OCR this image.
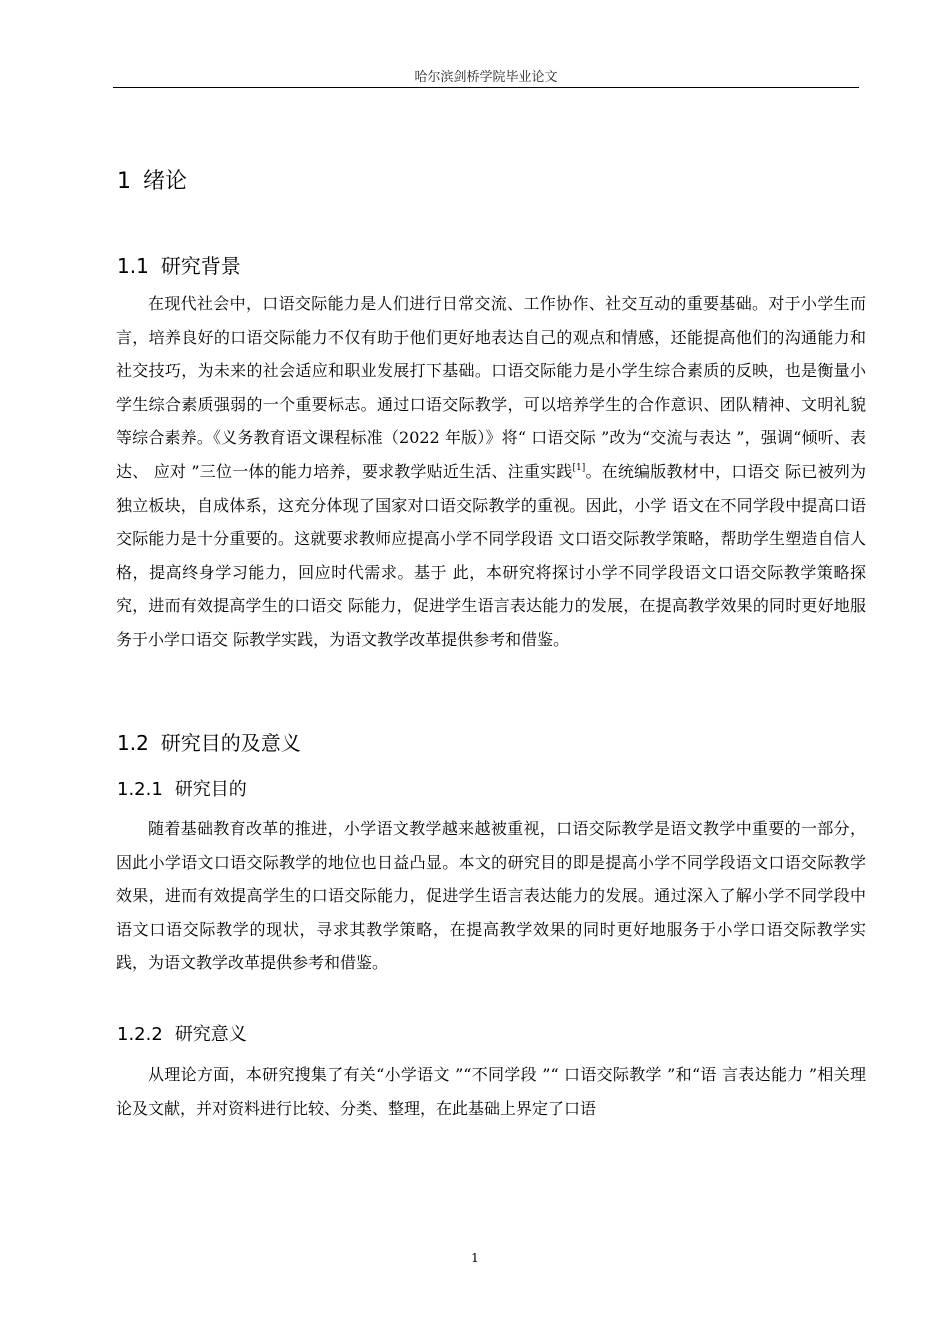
哈尔滨剑桥学院毕业论文
1 绪论
1.1 研究背景

在现代社会中，口语交际能力是人们进行日常交流、工作协作、社交互动的重要基础。对于小学生而言，培养良好的口语交际能力不仅有助于他们更好地表达自己的观点和情感，还能提高他们的沟通能力和社交技巧，为未来的社会适应和职业发展打下基础。口语交际能力是小学生综合素质的反映，也是衡量小学生综合素质强弱的一个重要标志。通过口语交际教学，可以培养学生的合作意识、团队精神、文明礼貌等综合素养。《义务教育语文课程标准（2022 年版）》将“ 口语交际 ”改为“交流与表达 ”，强调“倾听、表达、 应对 ”三位一体的能力培养，要求教学贴近生活、注重实践[1]。在统编版教材中，口语交 际已被列为独立板块，自成体系，这充分体现了国家对口语交际教学的重视。因此，小学 语文在不同学段中提高口语交际能力是十分重要的。这就要求教师应提高小学不同学段语 文口语交际教学策略，帮助学生塑造自信人格，提高终身学习能力，回应时代需求。基于 此，本研究将探讨小学不同学段语文口语交际教学策略探究，进而有效提高学生的口语交 际能力，促进学生语言表达能力的发展，在提高教学效果的同时更好地服务于小学口语交 际教学实践，为语文教学改革提供参考和借鉴。

1.2 研究目的及意义
1.2.1 研究目的

随着基础教育改革的推进，小学语文教学越来越被重视，口语交际教学是语文教学中重要的一部分，因此小学语文口语交际教学的地位也日益凸显。本文的研究目的即是提高小学不同学段语文口语交际教学效果，进而有效提高学生的口语交际能力，促进学生语言表达能力的发展。通过深入了解小学不同学段中语文口语交际教学的现状，寻求其教学策略，在提高教学效果的同时更好地服务于小学口语交际教学实践，为语文教学改革提供参考和借鉴。

1.2.2 研究意义

从理论方面，本研究搜集了有关“小学语文 ”“不同学段 ”“ 口语交际教学 ”和“语 言表达能力 ”相关理论及文献，并对资料进行比较、分类、整理，在此基础上界定了口语

1
